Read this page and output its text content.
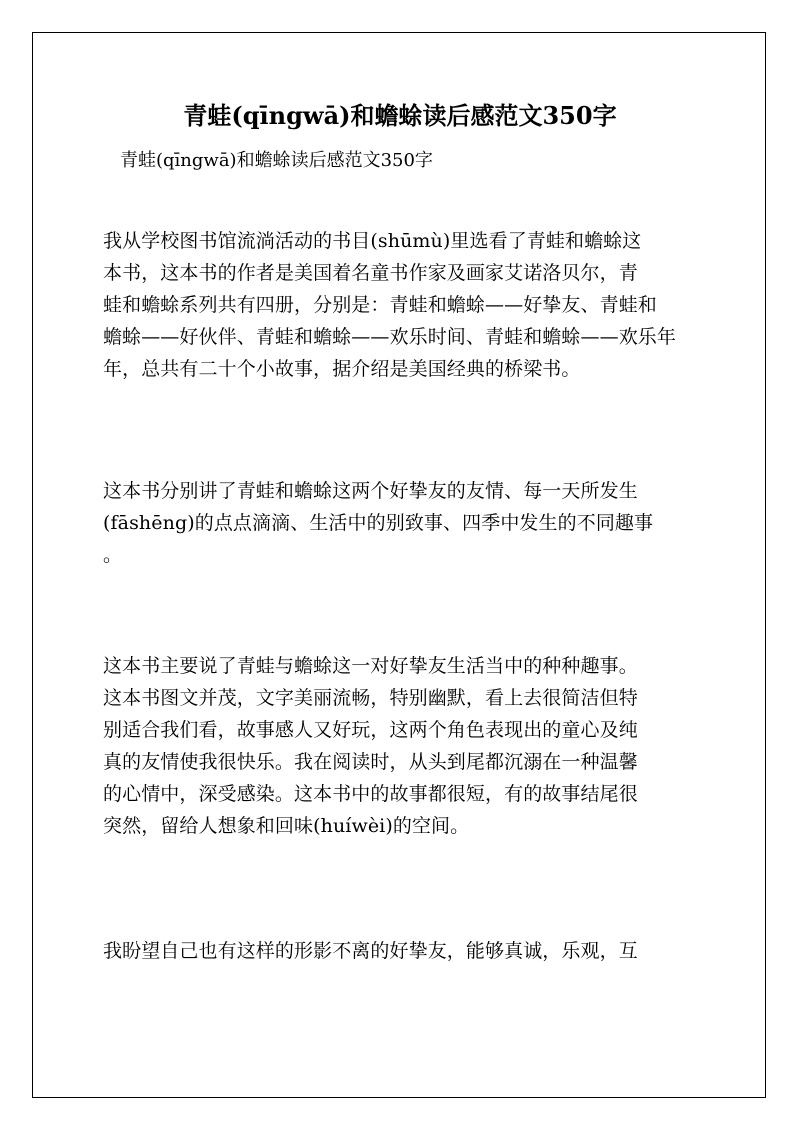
青蛙(qīngwā)和蟾蜍读后感范文350字

青蛙(qīngwā)和蟾蜍读后感范文350字

我从学校图书馆流淌活动的书目(shūmù)里选看了青蛙和蟾蜍这
本书，这本书的作者是美国着名童书作家及画家艾诺洛贝尔，青
蛙和蟾蜍系列共有四册，分别是：青蛙和蟾蜍——好挚友、青蛙和
蟾蜍——好伙伴、青蛙和蟾蜍——欢乐时间、青蛙和蟾蜍——欢乐年
年，总共有二十个小故事，据介绍是美国经典的桥梁书。
这本书分别讲了青蛙和蟾蜍这两个好挚友的友情、每一天所发生
(fāshēng)的点点滴滴、生活中的别致事、四季中发生的不同趣事
。
这本书主要说了青蛙与蟾蜍这一对好挚友生活当中的种种趣事。
这本书图文并茂，文字美丽流畅，特别幽默，看上去很简洁但特
别适合我们看，故事感人又好玩，这两个角色表现出的童心及纯
真的友情使我很快乐。我在阅读时，从头到尾都沉溺在一种温馨
的心情中，深受感染。这本书中的故事都很短，有的故事结尾很
突然，留给人想象和回味(huíwèi)的空间。
我盼望自己也有这样的形影不离的好挚友，能够真诚，乐观，互
